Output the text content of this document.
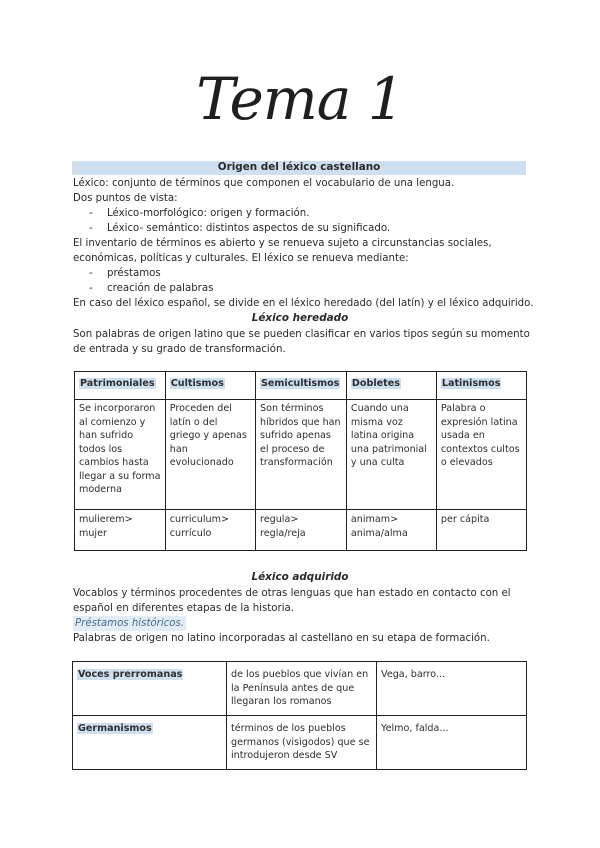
Tema 1
Origen del léxico castellano
Léxico: conjunto de términos que componen el vocabulario de una lengua.
Dos puntos de vista:
- Léxico-morfológico: origen y formación.
- Léxico- semántico: distintos aspectos de su significado.
El inventario de términos es abierto y se renueva sujeto a circunstancias sociales,
económicas, políticas y culturales. El léxico se renueva mediante:
- préstamos
- creación de palabras
En caso del léxico español, se divide en el léxico heredado (del latín) y el léxico adquirido.
Léxico heredado
Son palabras de origen latino que se pueden clasificar en varios tipos según su momento
de entrada y su grado de transformación.
Patrimoniales	Cultismos	Semicultismos	Dobletes	Latinismos
Se incorporaron al comienzo y han sufrido todos los cambios hasta llegar a su forma moderna	Proceden del latín o del griego y apenas han evolucionado	Son términos híbridos que han sufrido apenas el proceso de transformación	Cuando una misma voz latina origina una patrimonial y una culta	Palabra o expresión latina usada en contextos cultos o elevados
mulierem> mujer	curriculum> currículo	regula> regla/reja	animam> anima/alma	per cápita
Léxico adquirido
Vocablos y términos procedentes de otras lenguas que han estado en contacto con el
español en diferentes etapas de la historia.
Préstamos históricos.
Palabras de origen no latino incorporadas al castellano en su etapa de formación.
Voces prerromanas	de los pueblos que vivían en la Península antes de que llegaran los romanos	Vega, barro...
Germanismos	términos de los pueblos germanos (visigodos) que se introdujeron desde SV	Yelmo, falda...
